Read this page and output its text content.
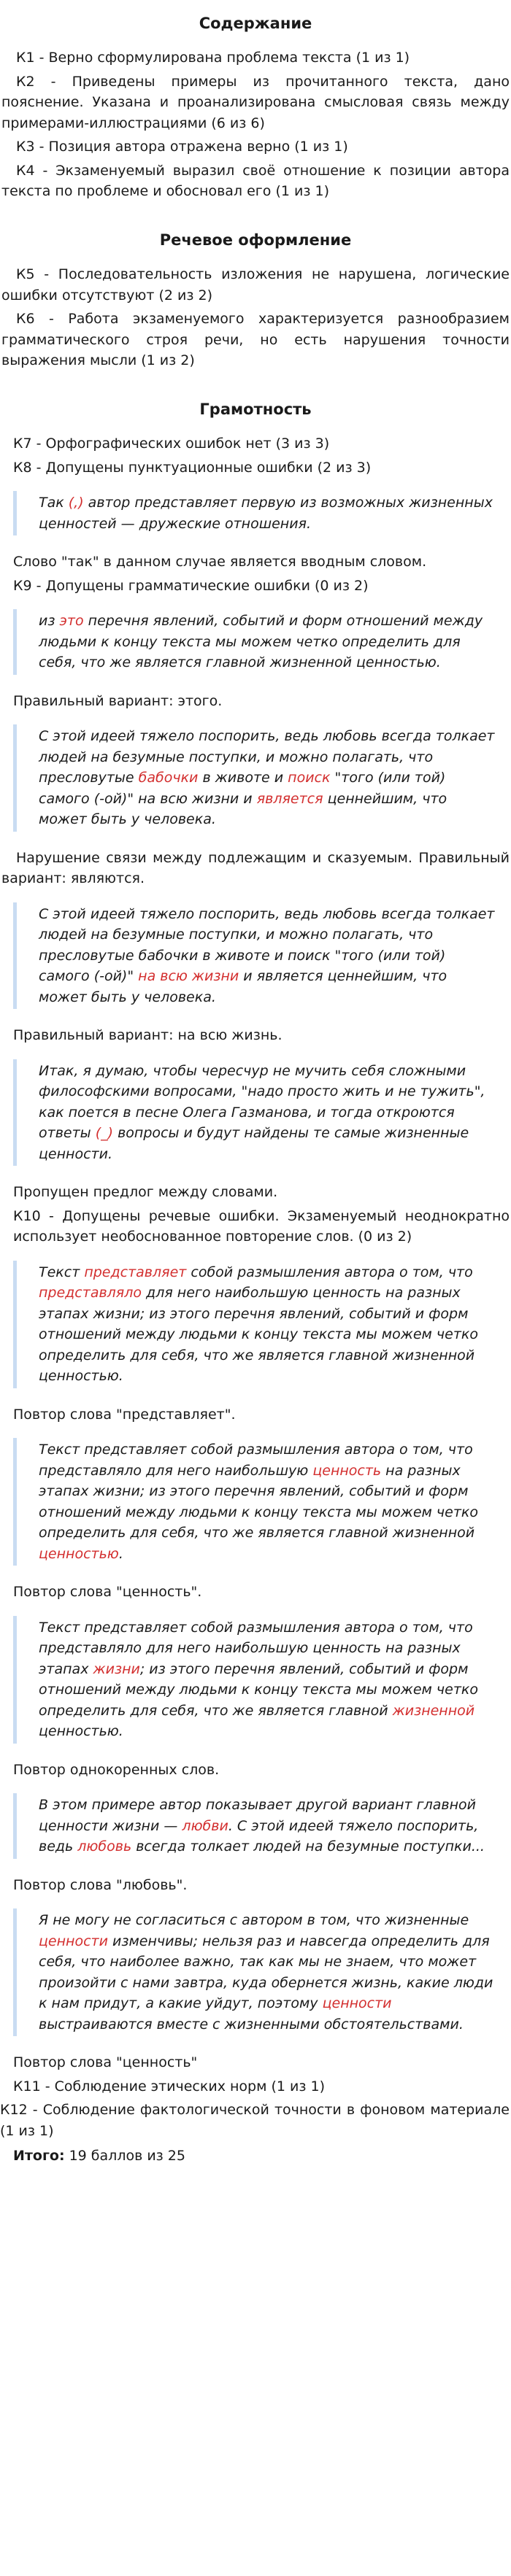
Содержание

К1 - Верно сформулирована проблема текста (1 из 1)

К2 - Приведены примеры из прочитанного текста, дано пояснение. Указана и проанализирована смысловая связь между примерами-иллюстрациями (6 из 6)

К3 - Позиция автора отражена верно (1 из 1)

К4 - Экзаменуемый выразил своё отношение к позиции автора текста по проблеме и обосновал его (1 из 1)

Речевое оформление

К5 - Последовательность изложения не нарушена, логические ошибки отсутствуют (2 из 2)

К6 - Работа экзаменуемого характеризуется разнообразием грамматического строя речи, но есть нарушения точности выражения мысли (1 из 2)

Грамотность

К7 - Орфографических ошибок нет (3 из 3)

К8 - Допущены пунктуационные ошибки (2 из 3)

Так (,) автор представляет первую из возможных жизненных ценностей — дружеские отношения.

Слово "так" в данном случае является вводным словом.

К9 - Допущены грамматические ошибки (0 из 2)

из это перечня явлений, событий и форм отношений между людьми к концу текста мы можем четко определить для себя, что же является главной жизненной ценностью.

Правильный вариант: этого.

С этой идеей тяжело поспорить, ведь любовь всегда толкает людей на безумные поступки, и можно полагать, что пресловутые бабочки в животе и поиск "того (или той) самого (-ой)" на всю жизни и является ценнейшим, что может быть у человека.

Нарушение связи между подлежащим и сказуемым. Правильный вариант: являются.

С этой идеей тяжело поспорить, ведь любовь всегда толкает людей на безумные поступки, и можно полагать, что пресловутые бабочки в животе и поиск "того (или той) самого (-ой)" на всю жизни и является ценнейшим, что может быть у человека.

Правильный вариант: на всю жизнь.

Итак, я думаю, чтобы чересчур не мучить себя сложными философскими вопросами, "надо просто жить и не тужить", как поется в песне Олега Газманова, и тогда откроются ответы (_) вопросы и будут найдены те самые жизненные ценности.

Пропущен предлог между словами.

К10 - Допущены речевые ошибки. Экзаменуемый неоднократно использует необоснованное повторение слов. (0 из 2)

Текст представляет собой размышления автора о том, что представляло для него наибольшую ценность на разных этапах жизни; из этого перечня явлений, событий и форм отношений между людьми к концу текста мы можем четко определить для себя, что же является главной жизненной ценностью.

Повтор слова "представляет".

Текст представляет собой размышления автора о том, что представляло для него наибольшую ценность на разных этапах жизни; из этого перечня явлений, событий и форм отношений между людьми к концу текста мы можем четко определить для себя, что же является главной жизненной ценностью.

Повтор слова "ценность".

Текст представляет собой размышления автора о том, что представляло для него наибольшую ценность на разных этапах жизни; из этого перечня явлений, событий и форм отношений между людьми к концу текста мы можем четко определить для себя, что же является главной жизненной ценностью.

Повтор однокоренных слов.

В этом примере автор показывает другой вариант главной ценности жизни — любви. С этой идеей тяжело поспорить, ведь любовь всегда толкает людей на безумные поступки...

Повтор слова "любовь".

Я не могу не согласиться с автором в том, что жизненные ценности изменчивы; нельзя раз и навсегда определить для себя, что наиболее важно, так как мы не знаем, что может произойти с нами завтра, куда обернется жизнь, какие люди к нам придут, а какие уйдут, поэтому ценности выстраиваются вместе с жизненными обстоятельствами.

Повтор слова "ценность"

К11 - Соблюдение этических норм (1 из 1)

К12 - Соблюдение фактологической точности в фоновом материале (1 из 1)

Итого: 19 баллов из 25
